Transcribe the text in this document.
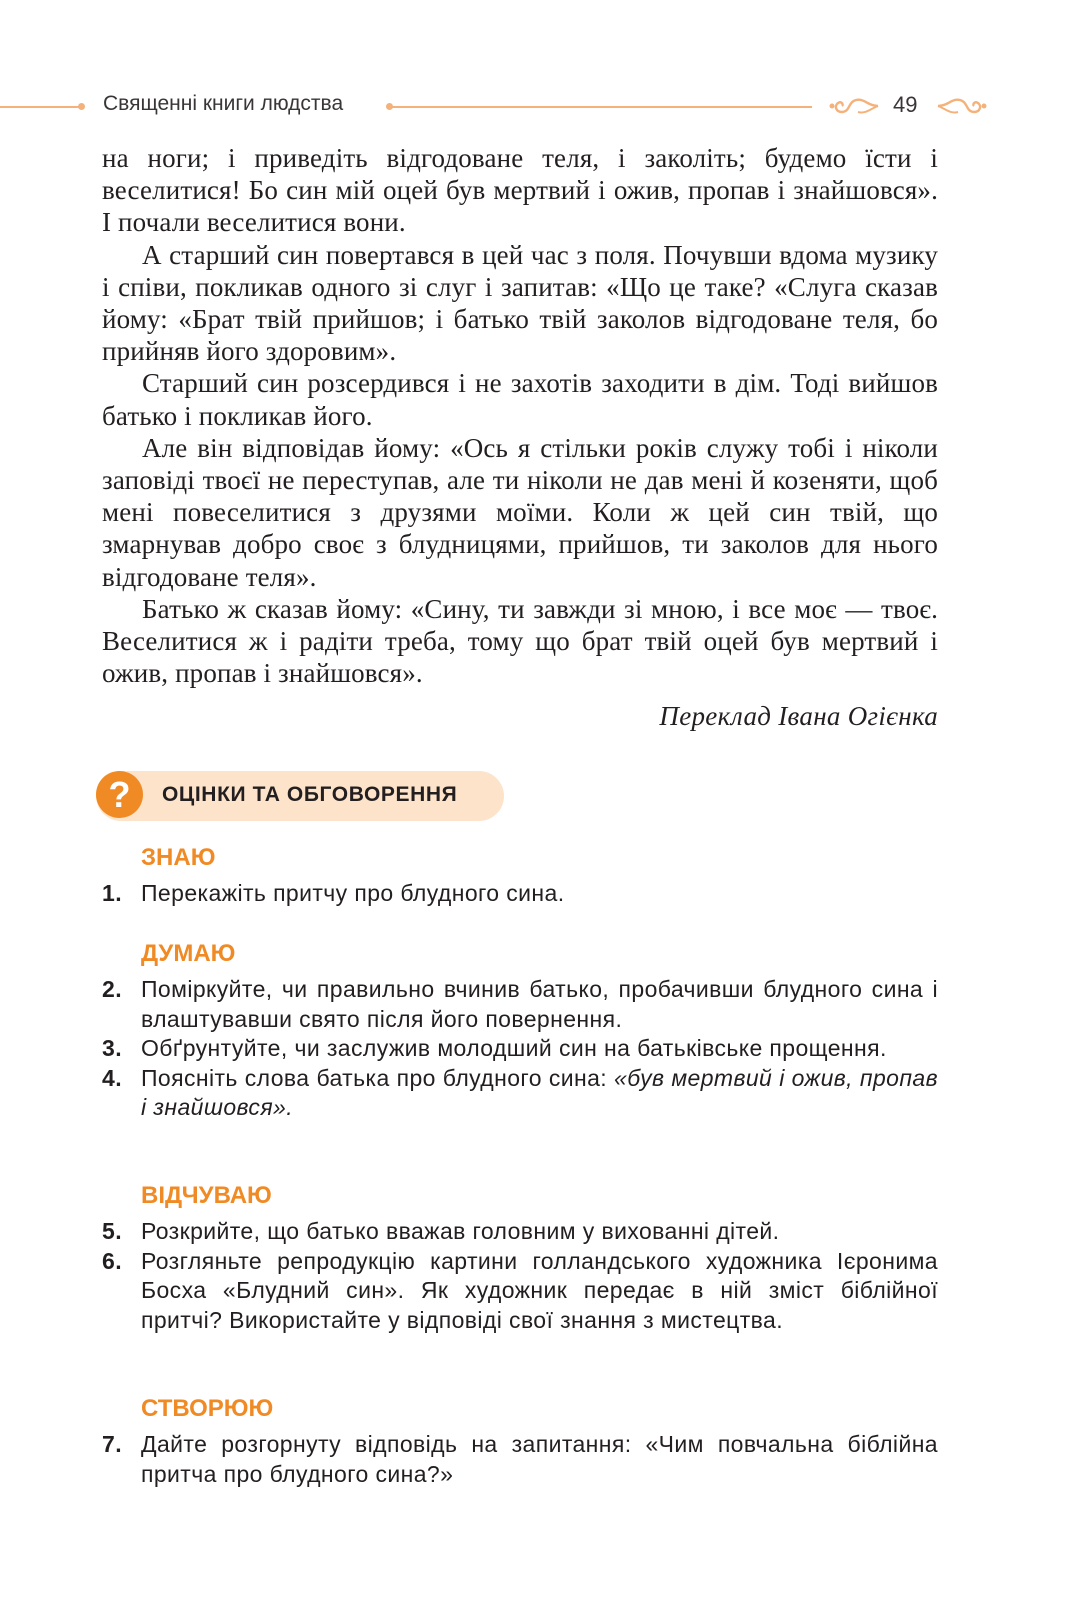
Священні книги людства	49

на ноги; і приведіть відгодоване теля, і заколіть; будемо їсти і веселитися! Бо син мій оцей був мертвий і ожив, пропав і знайшовся». І почали веселитися вони.

А старший син повертався в цей час з поля. Почувши вдома музику і співи, покликав одного зі слуг і запитав: «Що це таке? «Слуга сказав йому: «Брат твій прийшов; і батько твій заколов відгодоване теля, бо прийняв його здоровим».

Старший син розсердився і не захотів заходити в дім. Тоді вийшов батько і покликав його.

Але він відповідав йому: «Ось я стільки років служу тобі і ніколи заповіді твоєї не переступав, але ти ніколи не дав мені й козеняти, щоб мені повеселитися з друзями моїми. Коли ж цей син твій, що змарнував добро своє з блудницями, прийшов, ти заколов для нього відгодоване теля».

Батько ж сказав йому: «Сину, ти завжди зі мною, і все моє — твоє. Веселитися ж і радіти треба, тому що брат твій оцей був мертвий і ожив, пропав і знайшовся».

Переклад Івана Огієнка
?	ОЦІНКИ ТА ОБГОВОРЕННЯ
ЗНАЮ
1. Перекажіть притчу про блудного сина.
ДУМАЮ
2. Поміркуйте, чи правильно вчинив батько, пробачивши блудного сина і влаштувавши свято після його повернення.
3. Обґрунтуйте, чи заслужив молодший син на батьківське прощення.
4. Поясніть слова батька про блудного сина: «був мертвий і ожив, пропав і знайшовся».
ВІДЧУВАЮ
5. Розкрийте, що батько вважав головним у вихованні дітей.
6. Розгляньте репродукцію картини голландського художника Ієронима Босха «Блудний син». Як художник передає в ній зміст біблійної притчі? Використайте у відповіді свої знання з мистецтва.
СТВОРЮЮ
7. Дайте розгорнуту відповідь на запитання: «Чим повчальна біблійна притча про блудного сина?»
